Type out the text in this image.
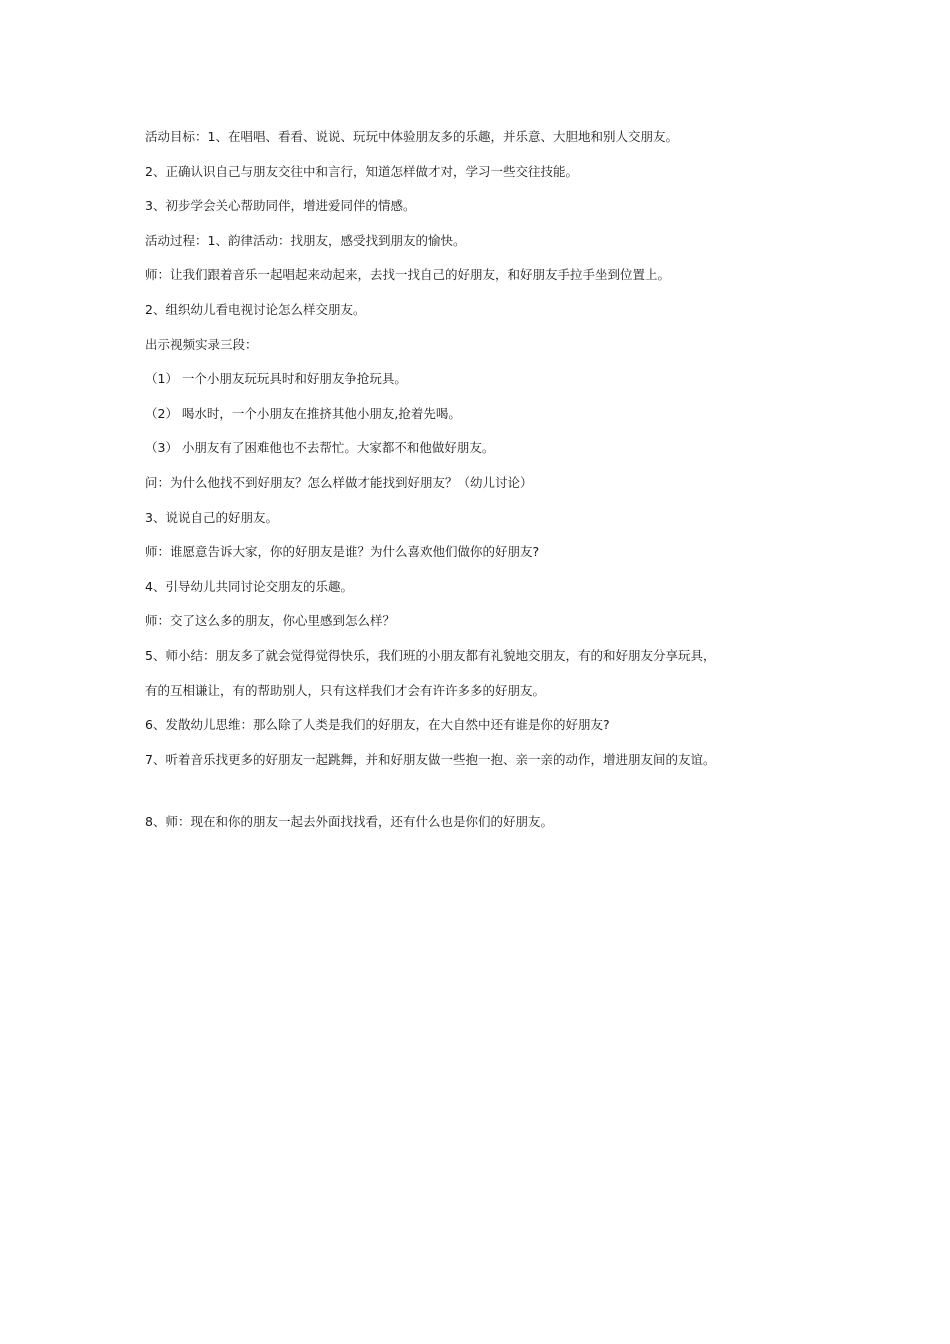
活动目标：1、在唱唱、看看、说说、玩玩中体验朋友多的乐趣，并乐意、大胆地和别人交朋友。
2、正确认识自己与朋友交往中和言行，知道怎样做才对，学习一些交往技能。
3、初步学会关心帮助同伴，增进爱同伴的情感。
活动过程：1、韵律活动：找朋友，感受找到朋友的愉快。
师：让我们跟着音乐一起唱起来动起来，去找一找自己的好朋友，和好朋友手拉手坐到位置上。
2、组织幼儿看电视讨论怎么样交朋友。
出示视频实录三段：
（1） 一个小朋友玩玩具时和好朋友争抢玩具。
（2） 喝水时，一个小朋友在推挤其他小朋友,抢着先喝。
（3） 小朋友有了困难他也不去帮忙。大家都不和他做好朋友。
问：为什么他找不到好朋友？怎么样做才能找到好朋友？（幼儿讨论）
3、说说自己的好朋友。
师：谁愿意告诉大家，你的好朋友是谁？为什么喜欢他们做你的好朋友?
4、引导幼儿共同讨论交朋友的乐趣。
师：交了这么多的朋友，你心里感到怎么样？
5、师小结：朋友多了就会觉得觉得快乐，我们班的小朋友都有礼貌地交朋友，有的和好朋友分享玩具，
有的互相谦让，有的帮助别人，只有这样我们才会有许许多多的好朋友。
6、发散幼儿思维：那么除了人类是我们的好朋友，在大自然中还有谁是你的好朋友?
7、听着音乐找更多的好朋友一起跳舞，并和好朋友做一些抱一抱、亲一亲的动作，增进朋友间的友谊。
8、师：现在和你的朋友一起去外面找找看，还有什么也是你们的好朋友。
